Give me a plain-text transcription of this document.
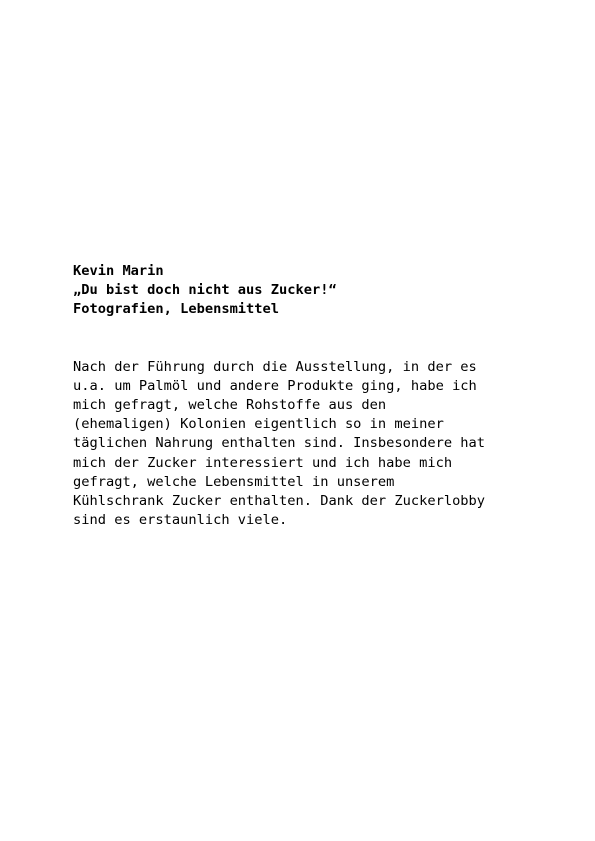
Kevin Marin
„Du bist doch nicht aus Zucker!“
Fotografien, Lebensmittel
Nach der Führung durch die Ausstellung, in der es
u.a. um Palmöl und andere Produkte ging, habe ich
mich gefragt, welche Rohstoffe aus den
(ehemaligen) Kolonien eigentlich so in meiner
täglichen Nahrung enthalten sind. Insbesondere hat
mich der Zucker interessiert und ich habe mich
gefragt, welche Lebensmittel in unserem
Kühlschrank Zucker enthalten. Dank der Zuckerlobby
sind es erstaunlich viele.
